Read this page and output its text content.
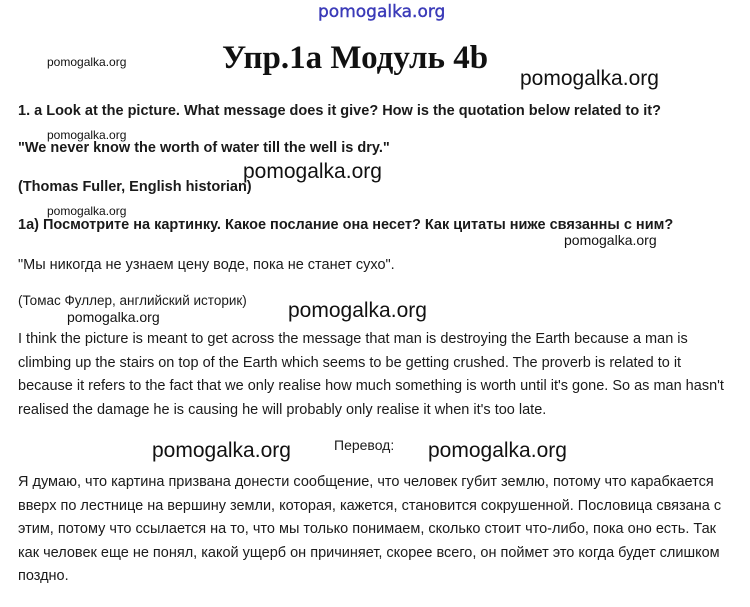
pomogalka.org
pomogalka.org	Упр.1а Модуль 4b
pomogalka.org
1. a Look at the picture. What message does it give? How is the quotation below related to it?
pomogalka.org
"We never know the worth of water till the well is dry."
(Thomas Fuller, English historian)
pomogalka.org
pomogalka.org
1а) Посмотрите на картинку. Какое послание она несет? Как цитаты ниже связанны с ним?
pomogalka.org
"Мы никогда не узнаем цену воде, пока не станет сухо".
(Томас Фуллер, английский историк) pomogalka.org
pomogalka.org
I think the picture is meant to get across the message that man is destroying the Earth because a man is climbing up the stairs on top of the Earth which seems to be getting crushed. The proverb is related to it because it refers to the fact that we only realise how much something is worth until it's gone. So as man hasn't realised the damage he is causing he will probably only realise it when it's too late.
pomogalka.org	Перевод: pomogalka.org
Я думаю, что картина призвана донести сообщение, что человек губит землю, потому что карабкается вверх по лестнице на вершину земли, которая, кажется, становится сокрушенной. Пословица связана с этим, потому что ссылается на то, что мы только понимаем, сколько стоит что-либо, пока оно есть. Так как человек еще не понял, какой ущерб он причиняет, скорее всего, он поймет это когда будет слишком поздно.
